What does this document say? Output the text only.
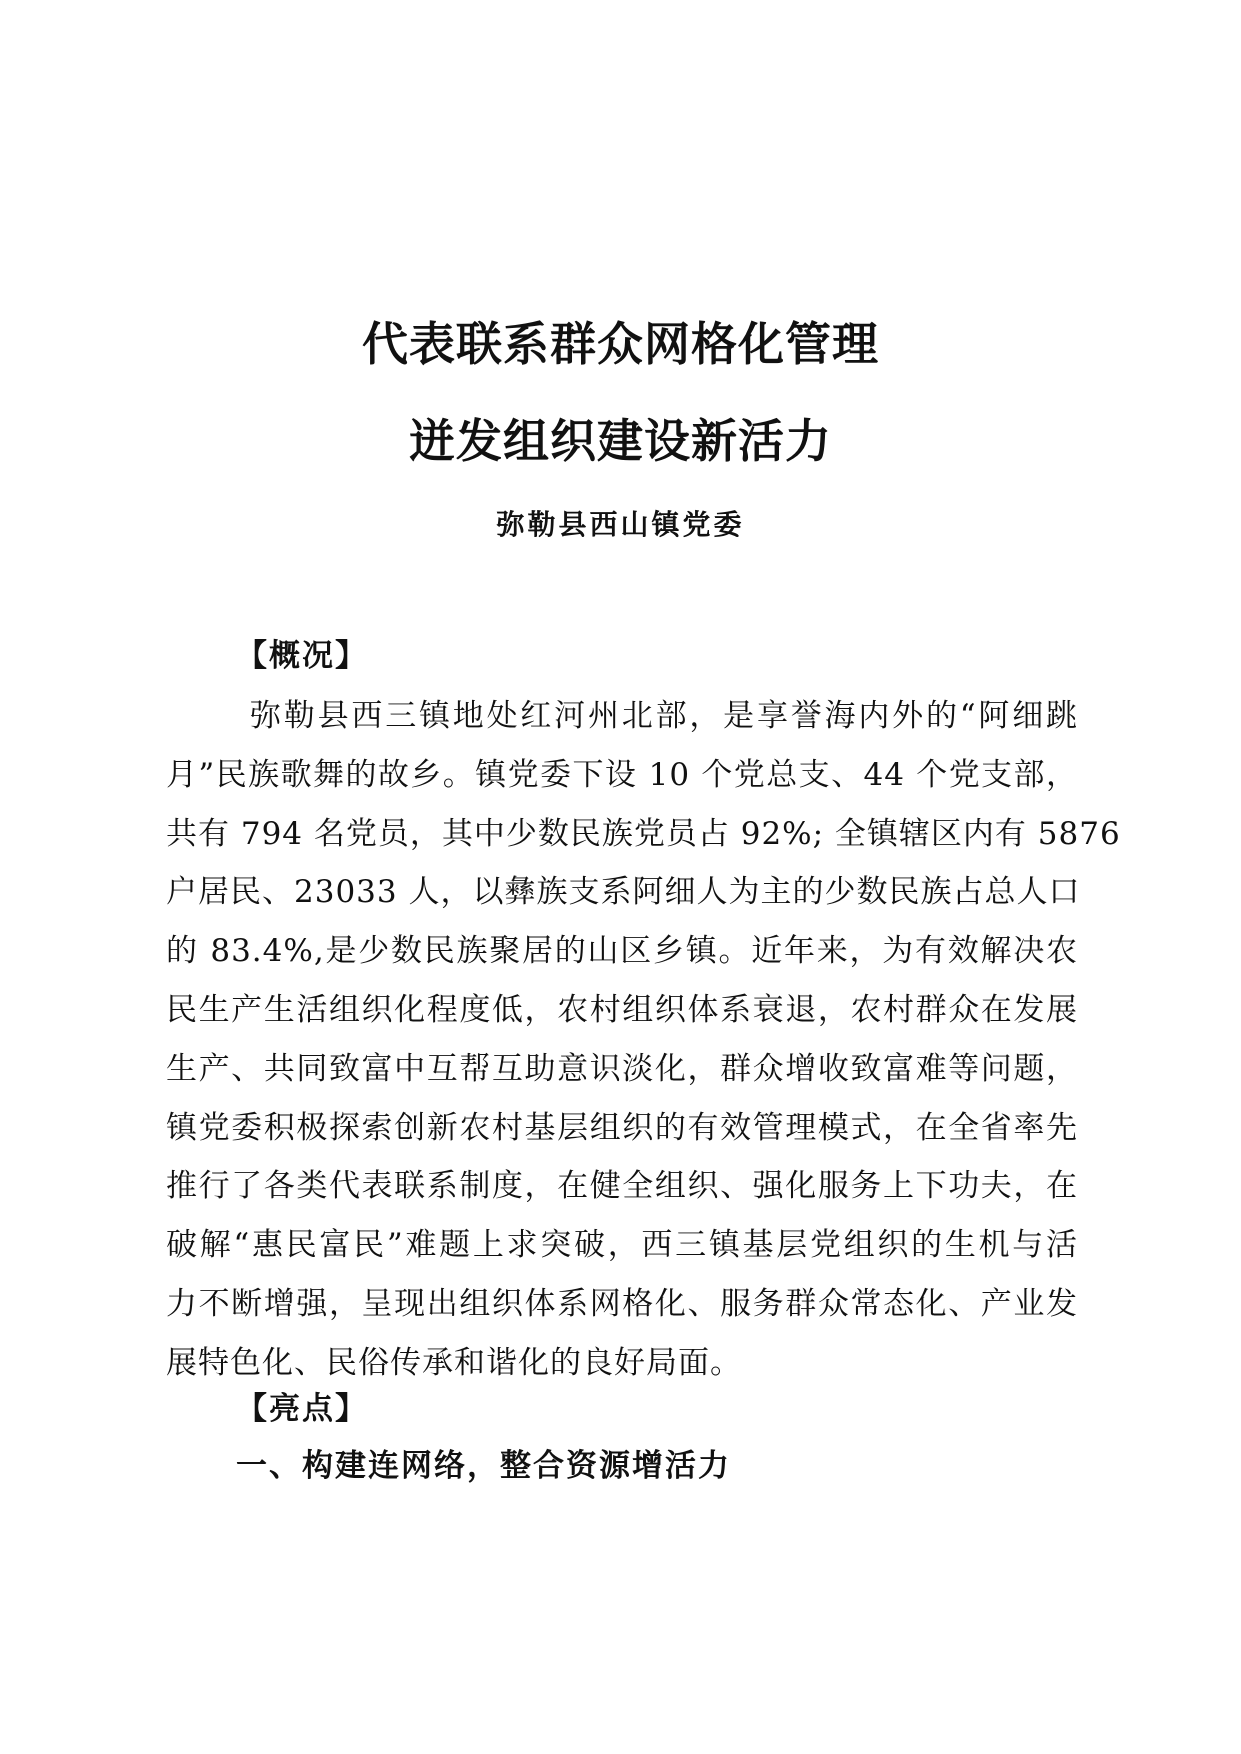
代表联系群众网格化管理
迸发组织建设新活力
弥勒县西山镇党委
【概况】
弥勒县西三镇地处红河州北部，是享誉海内外的“阿细跳
月”民族歌舞的故乡。镇党委下设 10 个党总支、44 个党支部，
共有 794 名党员，其中少数民族党员占 92%; 全镇辖区内有 5876
户居民、23033 人，以彝族支系阿细人为主的少数民族占总人口
的 83.4%,是少数民族聚居的山区乡镇。近年来，为有效解决农
民生产生活组织化程度低，农村组织体系衰退，农村群众在发展
生产、共同致富中互帮互助意识淡化，群众增收致富难等问题，
镇党委积极探索创新农村基层组织的有效管理模式，在全省率先
推行了各类代表联系制度，在健全组织、强化服务上下功夫，在
破解“惠民富民”难题上求突破，西三镇基层党组织的生机与活
力不断增强，呈现出组织体系网格化、服务群众常态化、产业发
展特色化、民俗传承和谐化的良好局面。
【亮点】
一、构建连网络，整合资源增活力
